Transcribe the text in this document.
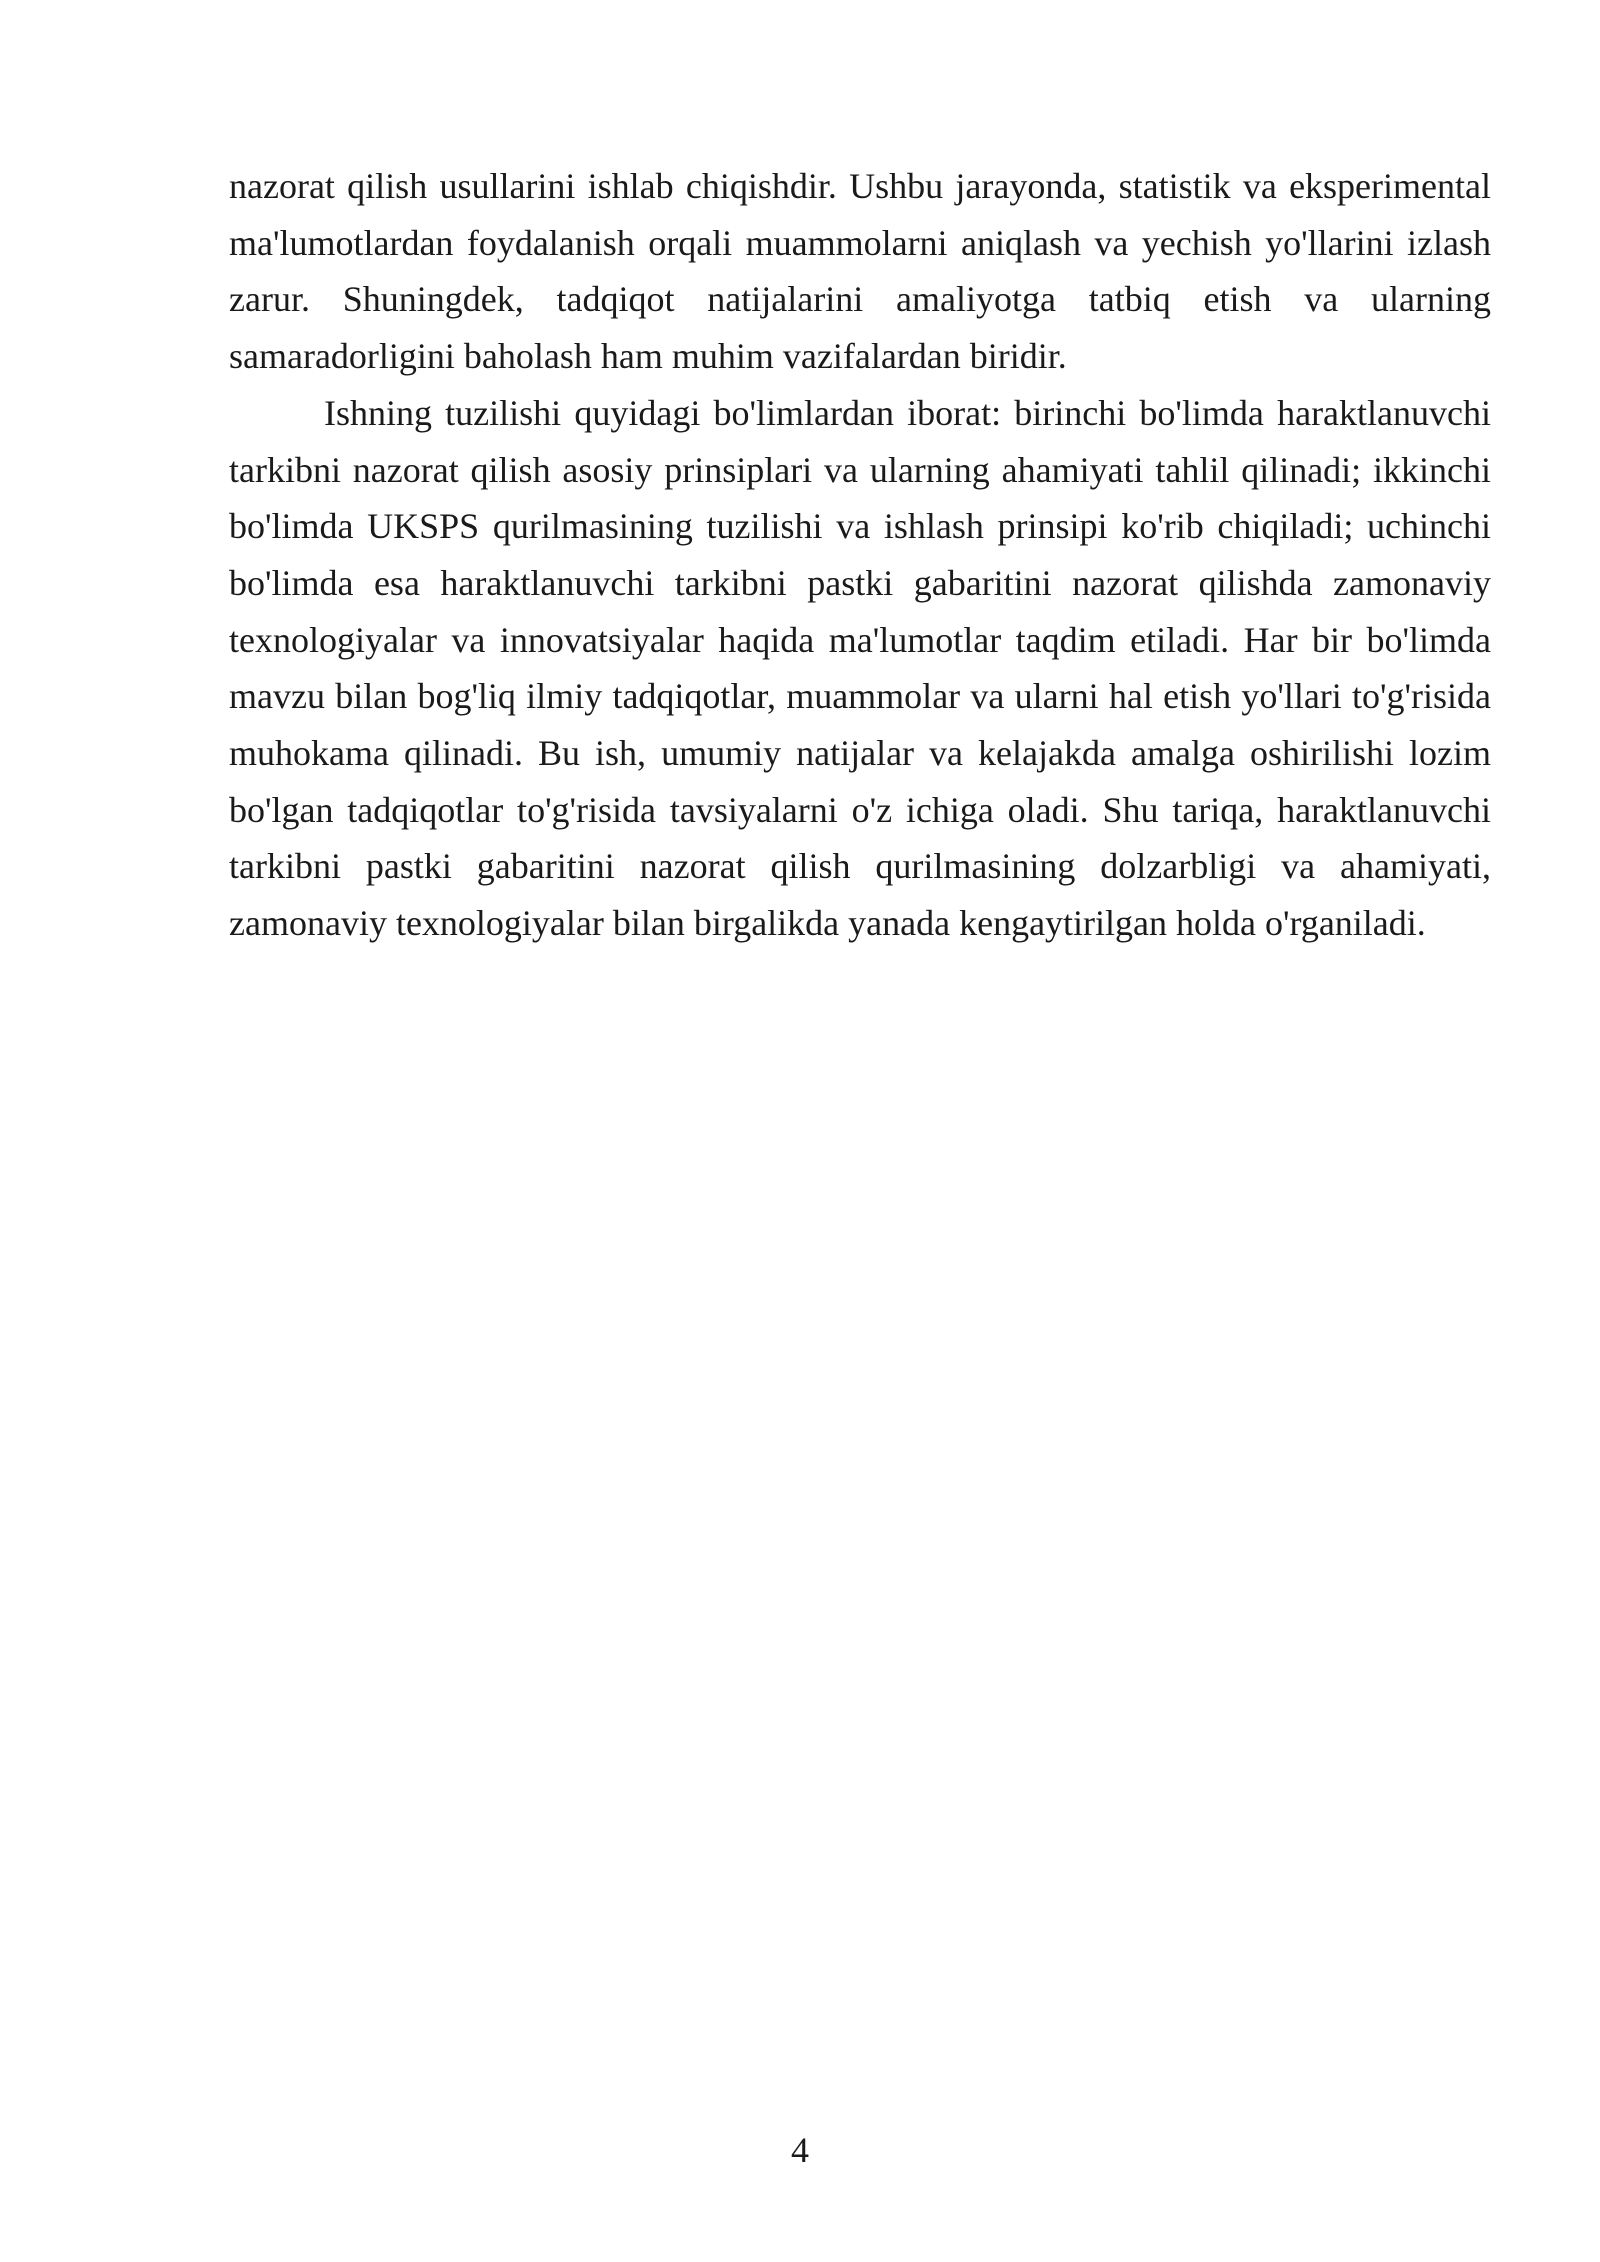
nazorat qilish usullarini ishlab chiqishdir. Ushbu jarayonda, statistik va eksperimental ma'lumotlardan foydalanish orqali muammolarni aniqlash va yechish yo'llarini izlash zarur. Shuningdek, tadqiqot natijalarini amaliyotga tatbiq etish va ularning samaradorligini baholash ham muhim vazifalardan biridir.

Ishning tuzilishi quyidagi bo'limlardan iborat: birinchi bo'limda haraktlanuvchi tarkibni nazorat qilish asosiy prinsiplari va ularning ahamiyati tahlil qilinadi; ikkinchi bo'limda UKSPS qurilmasining tuzilishi va ishlash prinsipi ko'rib chiqiladi; uchinchi bo'limda esa haraktlanuvchi tarkibni pastki gabaritini nazorat qilishda zamonaviy texnologiyalar va innovatsiyalar haqida ma'lumotlar taqdim etiladi. Har bir bo'limda mavzu bilan bog'liq ilmiy tadqiqotlar, muammolar va ularni hal etish yo'llari to'g'risida muhokama qilinadi. Bu ish, umumiy natijalar va kelajakda amalga oshirilishi lozim bo'lgan tadqiqotlar to'g'risida tavsiyalarni o'z ichiga oladi. Shu tariqa, haraktlanuvchi tarkibni pastki gabaritini nazorat qilish qurilmasining dolzarbligi va ahamiyati, zamonaviy texnologiyalar bilan birgalikda yanada kengaytirilgan holda o'rganiladi.

4
